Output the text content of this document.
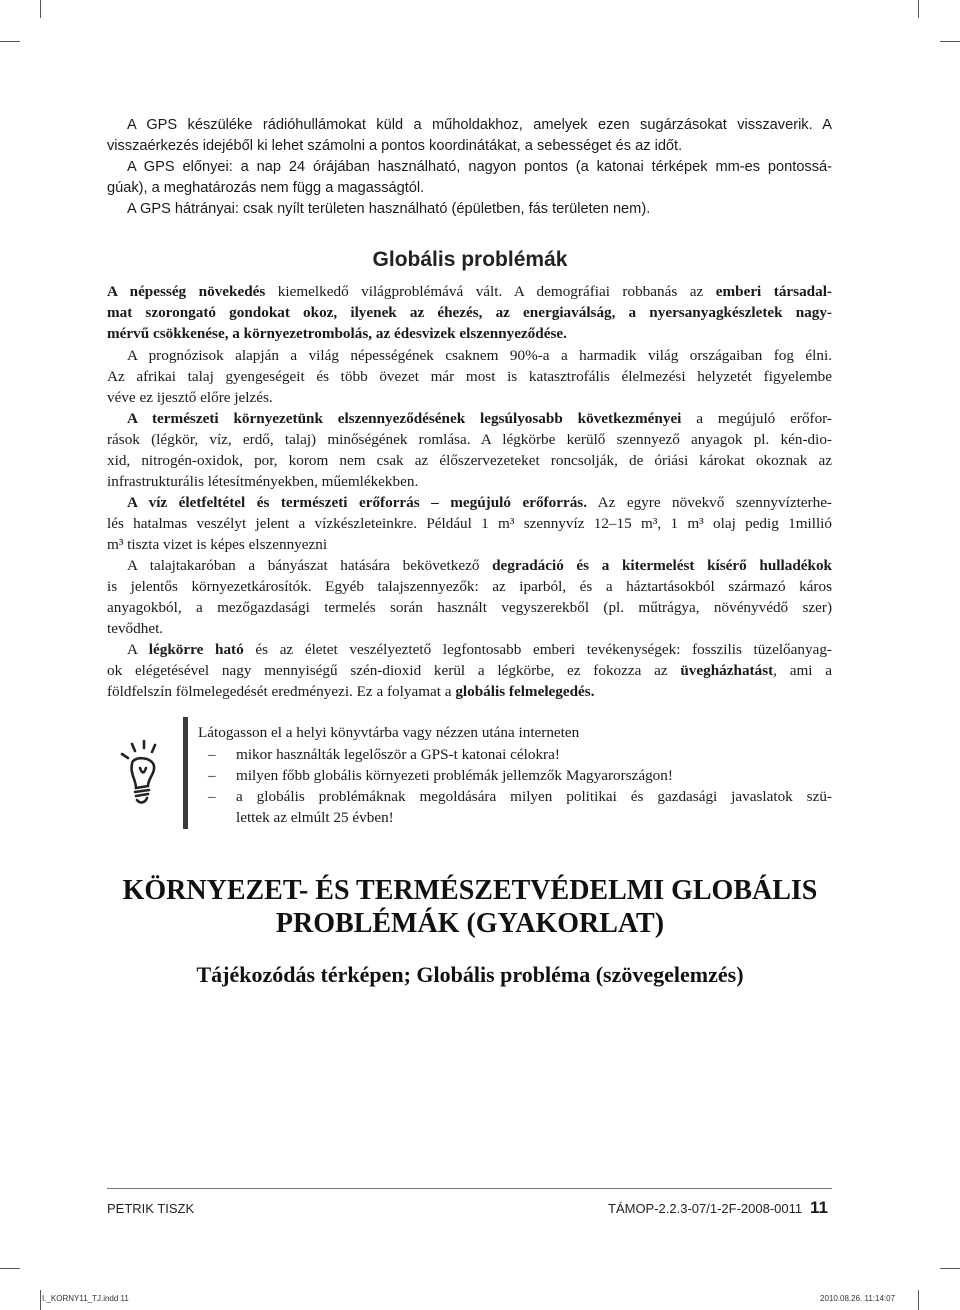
A GPS készüléke rádióhullámokat küld a műholdakhoz, amelyek ezen sugárzásokat visszaverik. A
visszaérkezés idejéből ki lehet számolni a pontos koordinátákat, a sebességet és az időt.
A GPS előnyei: a nap 24 órájában használható, nagyon pontos (a katonai térképek mm-es pontossá-
gúak), a meghatározás nem függ a magasságtól.
A GPS hátrányai: csak nyílt területen használható (épületben, fás területen nem).
Globális problémák
A népesség növekedés kiemelkedő világproblémává vált. A demográfiai robbanás az emberi társadal-
mat szorongató gondokat okoz, ilyenek az éhezés, az energiaválság, a nyersanyagkészletek nagy-
mérvű csökkenése, a környezetrombolás, az édesvizek elszennyeződése.
A prognózisok alapján a világ népességének csaknem 90%-a a harmadik világ országaiban fog élni.
Az afrikai talaj gyengeségeit és több övezet már most is katasztrofális élelmezési helyzetét figyelembe
véve ez ijesztő előre jelzés.
A természeti környezetünk elszennyeződésének legsúlyosabb következményei a megújuló erőfor-
rások (légkör, víz, erdő, talaj) minőségének romlása. A légkörbe kerülő szennyező anyagok pl. kén-dio-
xid, nitrogén-oxidok, por, korom nem csak az élőszervezeteket roncsolják, de óriási károkat okoznak az
infrastrukturális létesítményekben, műemlékekben.
A víz életfeltétel és természeti erőforrás – megújuló erőforrás. Az egyre növekvő szennyvízterhe-
lés hatalmas veszélyt jelent a vízkészleteinkre. Például 1 m³ szennyvíz 12–15 m³, 1 m³ olaj pedig 1millió
m³ tiszta vizet is képes elszennyezni
A talajtakaróban a bányászat hatására bekövetkező degradáció és a kitermelést kísérő hulladékok
is jelentős környezetkárosítók. Egyéb talajszennyezők: az iparból, és a háztartásokból származó káros
anyagokból, a mezőgazdasági termelés során használt vegyszerekből (pl. műtrágya, növényvédő szer)
tevődhet.
A légkörre ható és az életet veszélyeztető legfontosabb emberi tevékenységek: fosszilis tüzelőanyag-
ok elégetésével nagy mennyiségű szén-dioxid kerül a légkörbe, ez fokozza az üvegházhatást, ami a
földfelszín fölmelegedését eredményezi. Ez a folyamat a globális felmelegedés.
Látogasson el a helyi könyvtárba vagy nézzen utána interneten
– mikor használták legelőször a GPS-t katonai célokra!
– milyen főbb globális környezeti problémák jellemzők Magyarországon!
– a globális problémáknak megoldására milyen politikai és gazdasági javaslatok szü-
lettek az elmúlt 25 évben!
KÖRNYEZET- ÉS TERMÉSZETVÉDELMI GLOBÁLIS
PROBLÉMÁK (GYAKORLAT)
Tájékozódás térképen; Globális probléma (szövegelemzés)
PETRIK TISZK	TÁMOP-2.2.3-07/1-2F-2008-0011 11
I._KORNY11_TJ.indd 11	2010.08.26. 11:14:07
